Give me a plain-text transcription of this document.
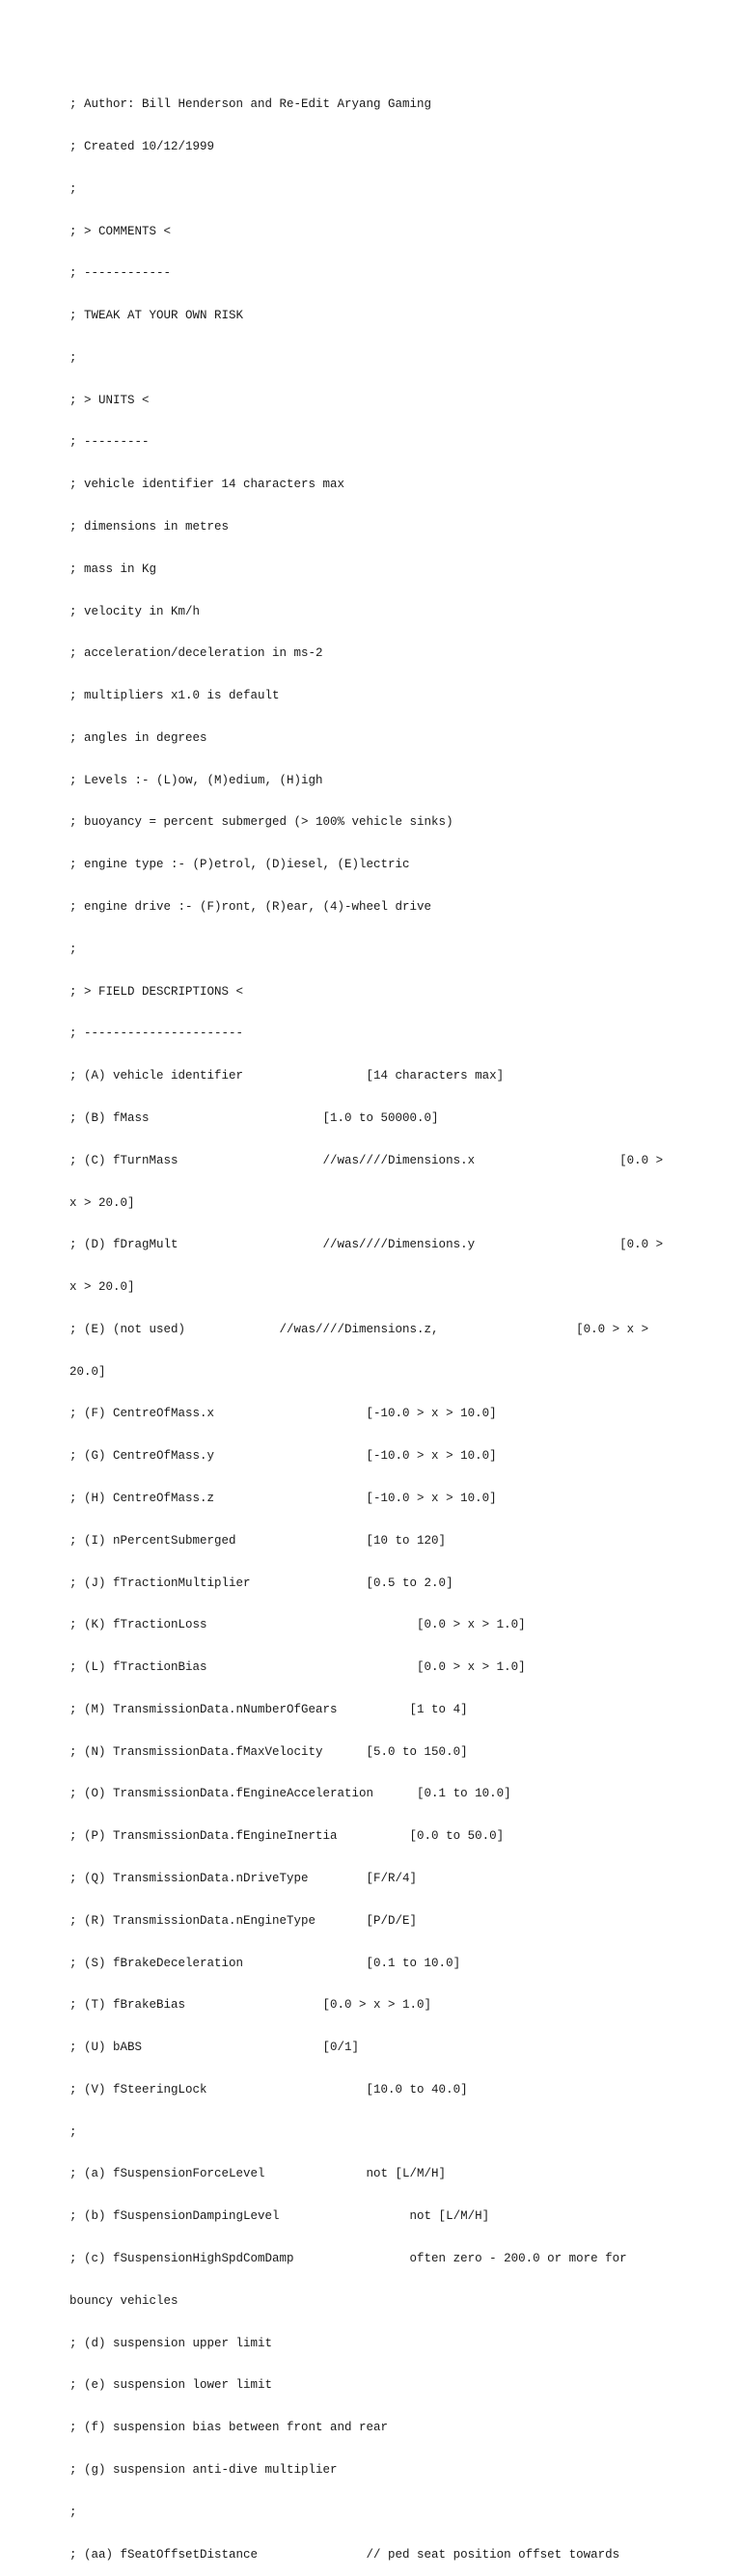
; Author: Bill Henderson and Re-Edit Aryang Gaming

; Created 10/12/1999

;

; > COMMENTS <

; ------------

; TWEAK AT YOUR OWN RISK

;

; > UNITS <

; ---------

; vehicle identifier 14 characters max

; dimensions in metres

; mass in Kg

; velocity in Km/h

; acceleration/deceleration in ms-2

; multipliers x1.0 is default

; angles in degrees

; Levels :- (L)ow, (M)edium, (H)igh

; buoyancy = percent submerged (> 100% vehicle sinks)

; engine type :- (P)etrol, (D)iesel, (E)lectric

; engine drive :- (F)ront, (R)ear, (4)-wheel drive

;

; > FIELD DESCRIPTIONS <

; ----------------------

; (A) vehicle identifier                 [14 characters max]

; (B) fMass                        [1.0 to 50000.0]

; (C) fTurnMass                    //was////Dimensions.x                    [0.0 >

x > 20.0]

; (D) fDragMult                    //was////Dimensions.y                    [0.0 >

x > 20.0]

; (E) (not used)             //was////Dimensions.z,                   [0.0 > x >

20.0]

; (F) CentreOfMass.x                     [-10.0 > x > 10.0]

; (G) CentreOfMass.y                     [-10.0 > x > 10.0]

; (H) CentreOfMass.z                     [-10.0 > x > 10.0]

; (I) nPercentSubmerged                  [10 to 120]

; (J) fTractionMultiplier                [0.5 to 2.0]

; (K) fTractionLoss                             [0.0 > x > 1.0]

; (L) fTractionBias                             [0.0 > x > 1.0]

; (M) TransmissionData.nNumberOfGears          [1 to 4]

; (N) TransmissionData.fMaxVelocity      [5.0 to 150.0]

; (O) TransmissionData.fEngineAcceleration      [0.1 to 10.0]

; (P) TransmissionData.fEngineInertia          [0.0 to 50.0]

; (Q) TransmissionData.nDriveType        [F/R/4]

; (R) TransmissionData.nEngineType       [P/D/E]

; (S) fBrakeDeceleration                 [0.1 to 10.0]

; (T) fBrakeBias                   [0.0 > x > 1.0]

; (U) bABS                         [0/1]

; (V) fSteeringLock                      [10.0 to 40.0]

;

; (a) fSuspensionForceLevel              not [L/M/H]

; (b) fSuspensionDampingLevel                  not [L/M/H]

; (c) fSuspensionHighSpdComDamp                often zero - 200.0 or more for

bouncy vehicles

; (d) suspension upper limit

; (e) suspension lower limit

; (f) suspension bias between front and rear

; (g) suspension anti-dive multiplier

;

; (aa) fSeatOffsetDistance               // ped seat position offset towards
